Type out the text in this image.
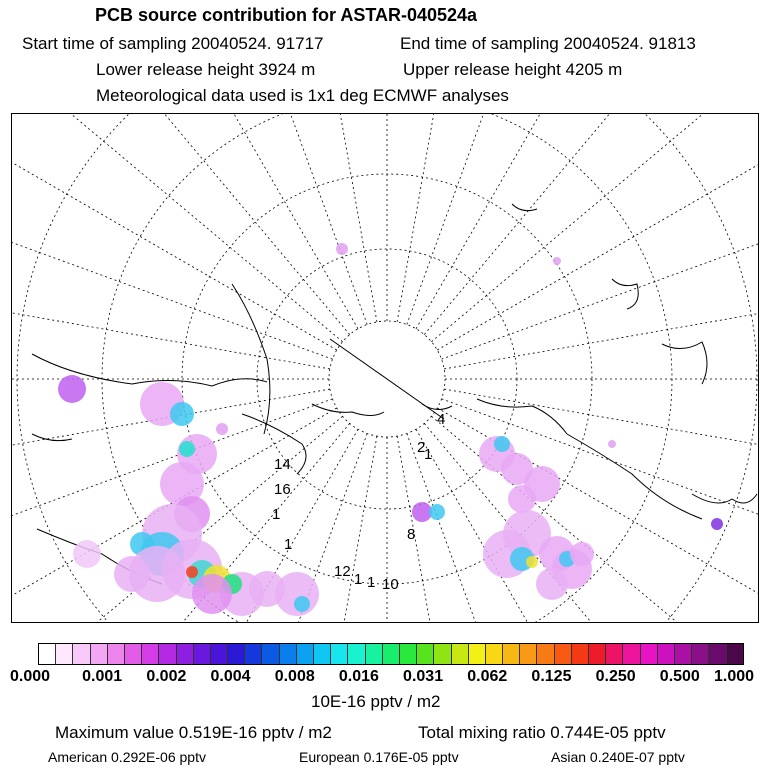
PCB source contribution for ASTAR-040524a
Start time of sampling 20040524. 91717	End time of sampling 20040524. 91813
Lower release height 3924 m	Upper release height 4205 m
Meteorological data used is 1x1 deg ECMWF analyses
1
2
4
8
10
12
14
16
1
1
1 1
0.000 0.001 0.002 0.004 0.008 0.016 0.031 0.062 0.125 0.250 0.500 1.000
10E-16 pptv / m2
Maximum value 0.519E-16 pptv / m2	Total mixing ratio 0.744E-05 pptv
American 0.292E-06 pptv	European 0.176E-05 pptv	Asian 0.240E-07 pptv
